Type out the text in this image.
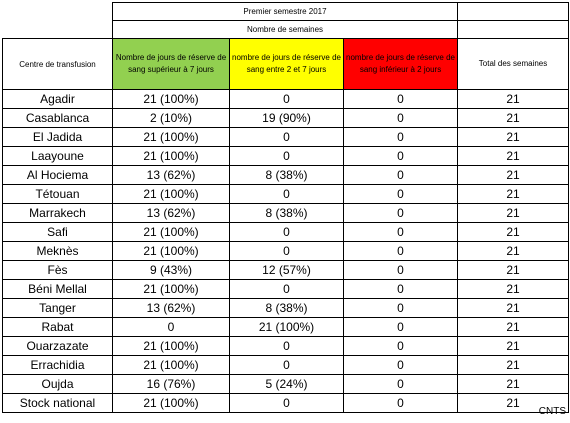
	Premier semestre 2017			
	Nombre de semaines			
Centre de transfusion	Nombre de jours de réserve de sang supérieur à 7 jours	nombre de jours de réserve de sang entre 2 et 7 jours	nombre de jours de réserve de sang inférieur à 2 jours	Total des semaines
Agadir	21 (100%)	0	0	21
Casablanca	2 (10%)	19 (90%)	0	21
El Jadida	21 (100%)	0	0	21
Laayoune	21 (100%)	0	0	21
Al Hociema	13 (62%)	8 (38%)	0	21
Tétouan	21 (100%)	0	0	21
Marrakech	13 (62%)	8 (38%)	0	21
Safi	21 (100%)	0	0	21
Meknès	21 (100%)	0	0	21
Fès	9 (43%)	12 (57%)	0	21
Béni Mellal	21 (100%)	0	0	21
Tanger	13 (62%)	8 (38%)	0	21
Rabat	0	21 (100%)	0	21
Ouarzazate	21 (100%)	0	0	21
Errachidia	21 (100%)	0	0	21
Oujda	16 (76%)	5 (24%)	0	21
Stock national	21 (100%)	0	0	21
CNTS
